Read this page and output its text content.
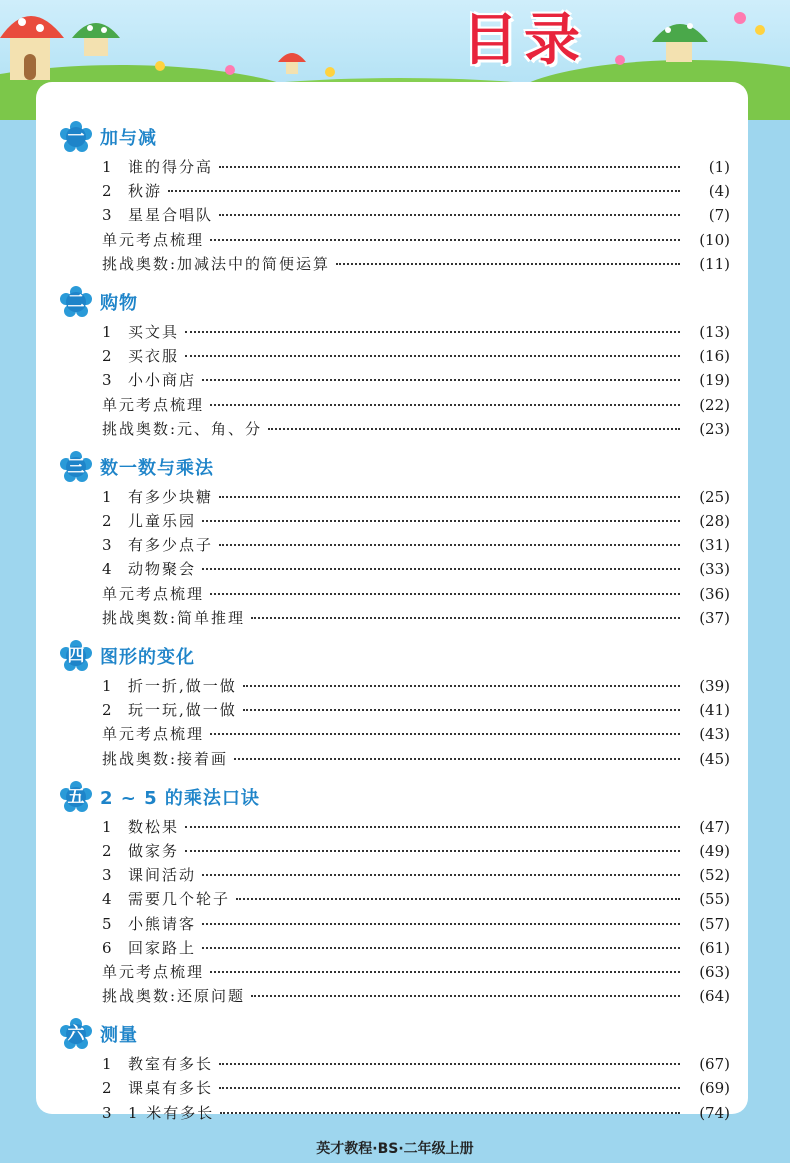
目录
一 加与减
1	谁的得分高	(1)
2	秋游	(4)
3	星星合唱队	(7)
单元考点梳理	(10)
挑战奥数:加减法中的简便运算	(11)
二 购物
1	买文具	(13)
2	买衣服	(16)
3	小小商店	(19)
单元考点梳理	(22)
挑战奥数:元、角、分	(23)
三 数一数与乘法
1	有多少块糖	(25)
2	儿童乐园	(28)
3	有多少点子	(31)
4	动物聚会	(33)
单元考点梳理	(36)
挑战奥数:简单推理	(37)
四 图形的变化
1	折一折,做一做	(39)
2	玩一玩,做一做	(41)
单元考点梳理	(43)
挑战奥数:接着画	(45)
五 2 ~ 5 的乘法口诀
1	数松果	(47)
2	做家务	(49)
3	课间活动	(52)
4	需要几个轮子	(55)
5	小熊请客	(57)
6	回家路上	(61)
单元考点梳理	(63)
挑战奥数:还原问题	(64)
六 测量
1	教室有多长	(67)
2	课桌有多长	(69)
3	1 米有多长	(74)
英才教程·BS·二年级上册
